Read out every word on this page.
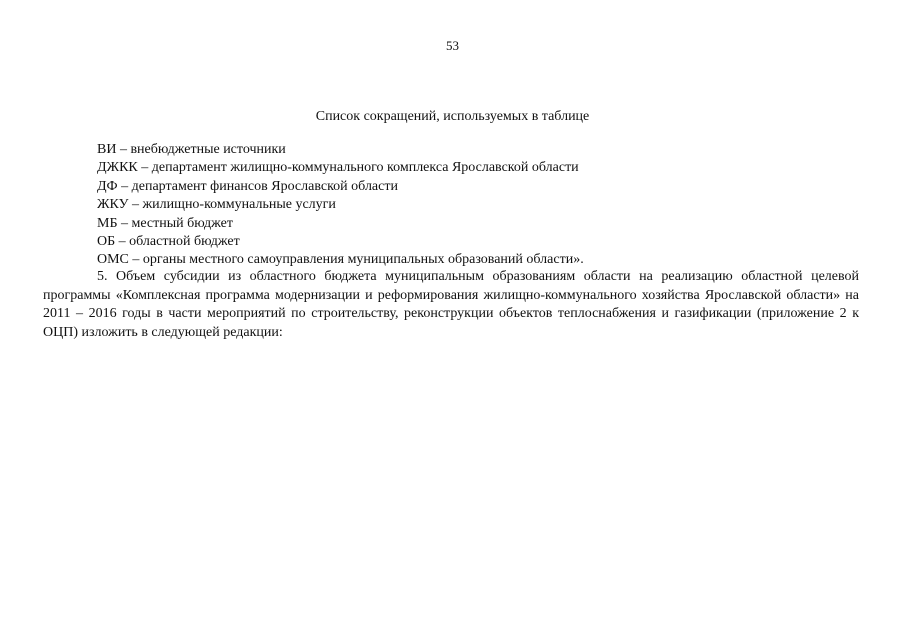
53
Список сокращений, используемых в таблице
ВИ – внебюджетные источники
ДЖКК – департамент жилищно-коммунального комплекса Ярославской области
ДФ – департамент финансов Ярославской области
ЖКУ – жилищно-коммунальные услуги
МБ – местный бюджет
ОБ – областной бюджет
ОМС – органы местного самоуправления муниципальных образований области».

5. Объем субсидии из областного бюджета муниципальным образованиям области на реализацию областной целевой программы «Комплексная программа модернизации и реформирования жилищно-коммунального хозяйства Ярославской области» на 2011 – 2016 годы в части мероприятий по строительству, реконструкции объектов теплоснабжения и газификации (приложение 2 к ОЦП) изложить в следующей редакции:
